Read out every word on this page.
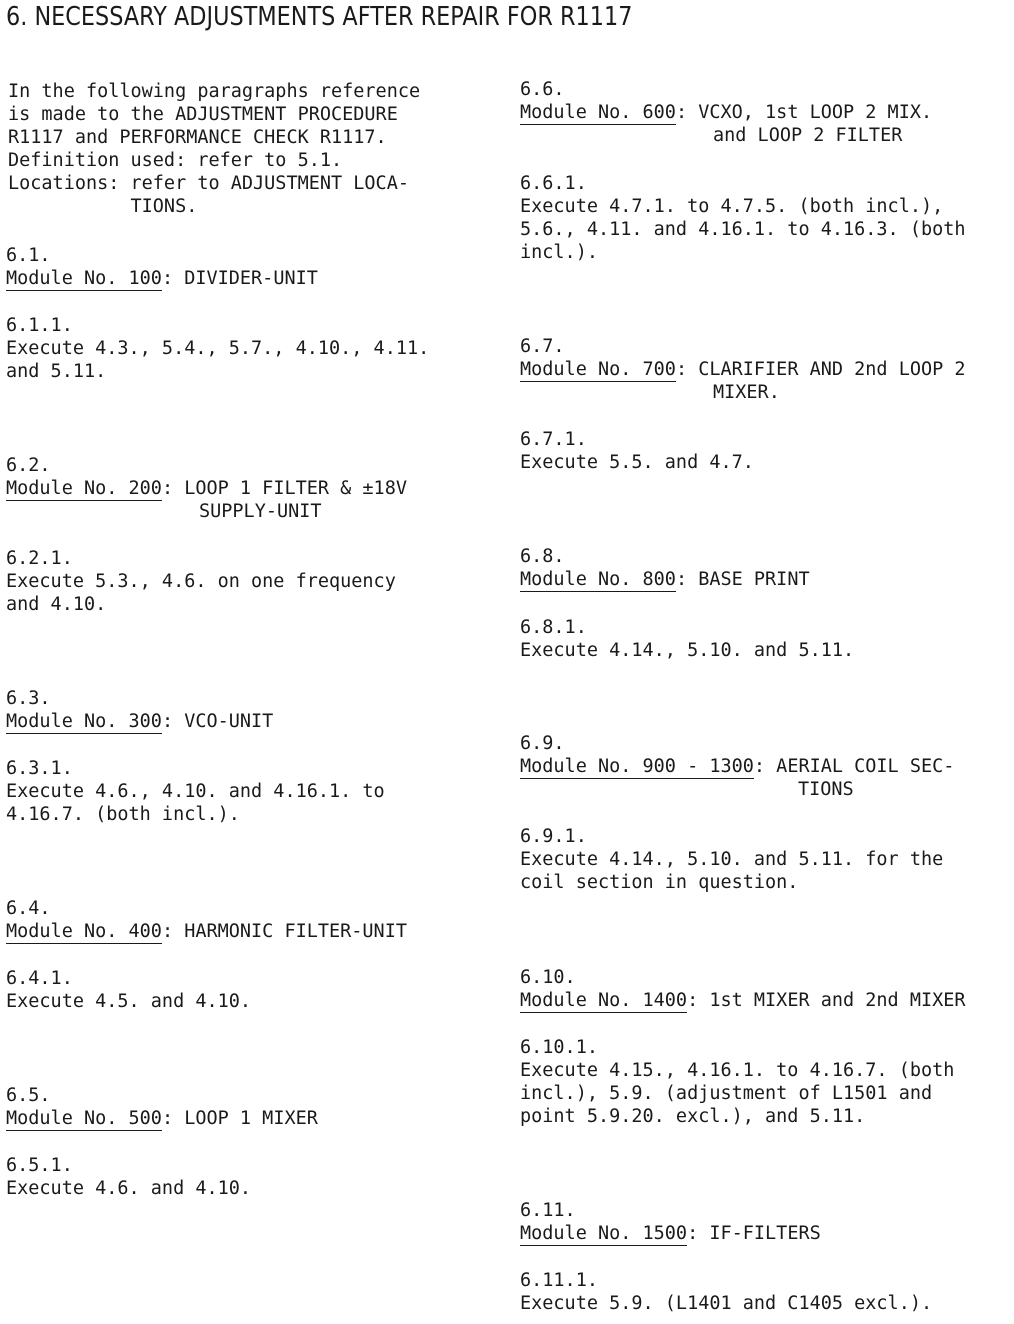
6. NECESSARY ADJUSTMENTS AFTER REPAIR FOR R1117
In the following paragraphs reference
is made to the ADJUSTMENT PROCEDURE
R1117 and PERFORMANCE CHECK R1117.
Definition used: refer to 5.1.
Locations: refer to ADJUSTMENT LOCA-
TIONS.
6.1.
Module No. 100: DIVIDER-UNIT
6.1.1.
Execute 4.3., 5.4., 5.7., 4.10., 4.11.
and 5.11.
6.2.
Module No. 200: LOOP 1 FILTER & ±18V
SUPPLY-UNIT
6.2.1.
Execute 5.3., 4.6. on one frequency
and 4.10.
6.3.
Module No. 300: VCO-UNIT
6.3.1.
Execute 4.6., 4.10. and 4.16.1. to
4.16.7. (both incl.).
6.4.
Module No. 400: HARMONIC FILTER-UNIT
6.4.1.
Execute 4.5. and 4.10.
6.5.
Module No. 500: LOOP 1 MIXER
6.5.1.
Execute 4.6. and 4.10.
6.6.
Module No. 600: VCXO, 1st LOOP 2 MIX.
and LOOP 2 FILTER
6.6.1.
Execute 4.7.1. to 4.7.5. (both incl.),
5.6., 4.11. and 4.16.1. to 4.16.3. (both
incl.).
6.7.
Module No. 700: CLARIFIER AND 2nd LOOP 2
MIXER.
6.7.1.
Execute 5.5. and 4.7.
6.8.
Module No. 800: BASE PRINT
6.8.1.
Execute 4.14., 5.10. and 5.11.
6.9.
Module No. 900 - 1300: AERIAL COIL SEC-
TIONS
6.9.1.
Execute 4.14., 5.10. and 5.11. for the
coil section in question.
6.10.
Module No. 1400: 1st MIXER and 2nd MIXER
6.10.1.
Execute 4.15., 4.16.1. to 4.16.7. (both
incl.), 5.9. (adjustment of L1501 and
point 5.9.20. excl.), and 5.11.
6.11.
Module No. 1500: IF-FILTERS
6.11.1.
Execute 5.9. (L1401 and C1405 excl.).
